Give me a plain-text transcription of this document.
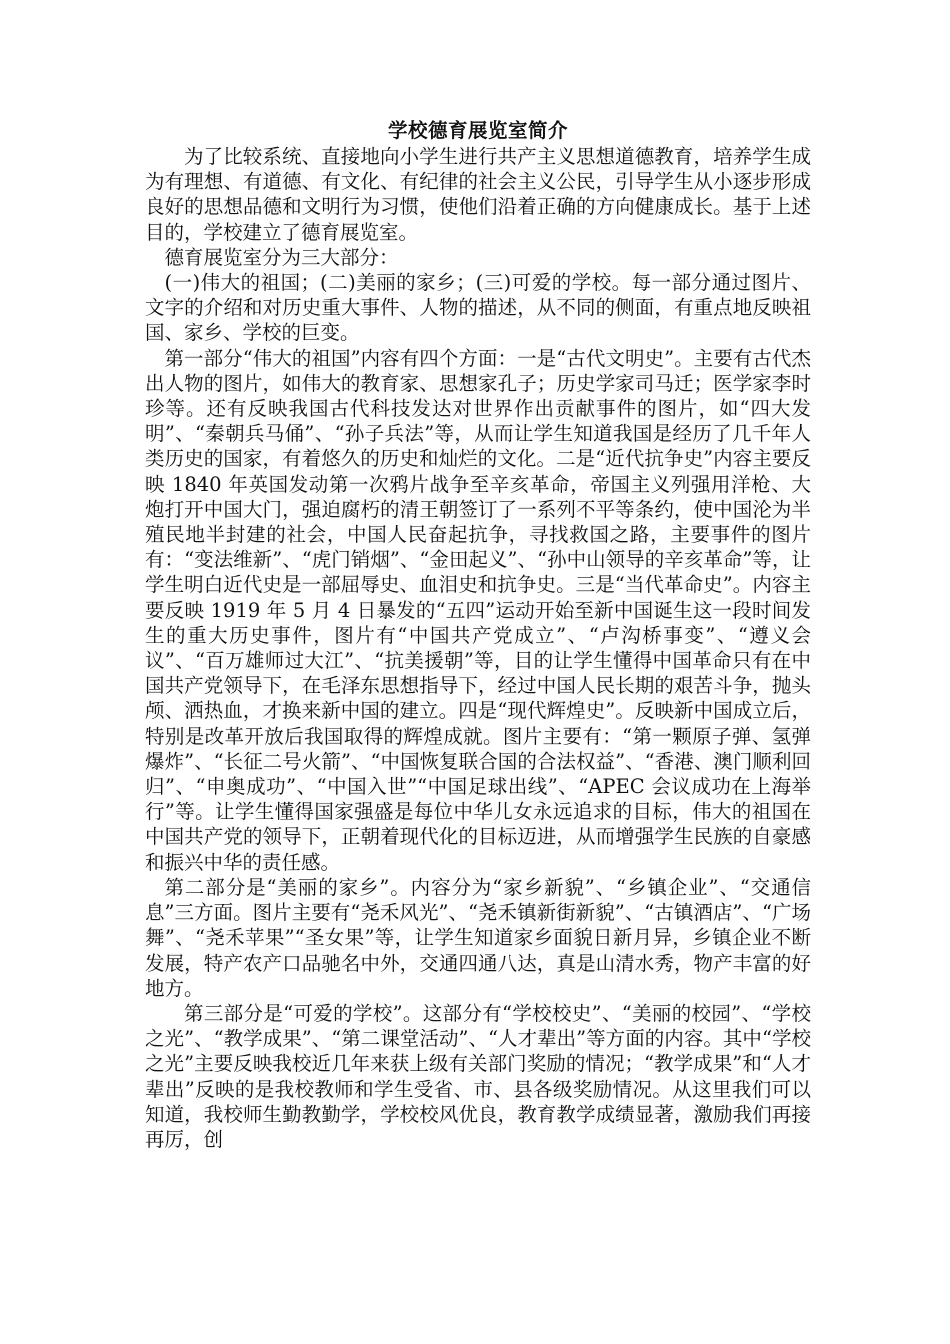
学校德育展览室简介

为了比较系统、直接地向小学生进行共产主义思想道德教育，培养学生成为有理想、有道德、有文化、有纪律的社会主义公民，引导学生从小逐步形成良好的思想品德和文明行为习惯，使他们沿着正确的方向健康成长。基于上述目的，学校建立了德育展览室。

德育展览室分为三大部分：

(一)伟大的祖国；(二)美丽的家乡；(三)可爱的学校。每一部分通过图片、文字的介绍和对历史重大事件、人物的描述，从不同的侧面，有重点地反映祖国、家乡、学校的巨变。

第一部分“伟大的祖国”内容有四个方面：一是“古代文明史”。主要有古代杰出人物的图片，如伟大的教育家、思想家孔子；历史学家司马迁；医学家李时珍等。还有反映我国古代科技发达对世界作出贡献事件的图片，如“四大发明”、“秦朝兵马俑”、“孙子兵法”等，从而让学生知道我国是经历了几千年人类历史的国家，有着悠久的历史和灿烂的文化。二是“近代抗争史”内容主要反映 1840 年英国发动第一次鸦片战争至辛亥革命，帝国主义列强用洋枪、大炮打开中国大门，强迫腐朽的清王朝签订了一系列不平等条约，使中国沦为半殖民地半封建的社会，中国人民奋起抗争，寻找救国之路，主要事件的图片有：“变法维新”、“虎门销烟”、“金田起义”、“孙中山领导的辛亥革命”等，让学生明白近代史是一部屈辱史、血泪史和抗争史。三是“当代革命史”。内容主要反映 1919 年 5 月 4 日暴发的“五四”运动开始至新中国诞生这一段时间发生的重大历史事件，图片有“中国共产党成立”、“卢沟桥事变”、“遵义会议”、“百万雄师过大江”、“抗美援朝”等，目的让学生懂得中国革命只有在中国共产党领导下，在毛泽东思想指导下，经过中国人民长期的艰苦斗争，抛头颅、洒热血，才换来新中国的建立。四是“现代辉煌史”。反映新中国成立后，特别是改革开放后我国取得的辉煌成就。图片主要有：“第一颗原子弹、氢弹爆炸”、“长征二号火箭”、“中国恢复联合国的合法权益”、“香港、澳门顺利回归”、“申奥成功”、“中国入世”“中国足球出线”、“APEC 会议成功在上海举行”等。让学生懂得国家强盛是每位中华儿女永远追求的目标，伟大的祖国在中国共产党的领导下，正朝着现代化的目标迈进，从而增强学生民族的自豪感和振兴中华的责任感。

第二部分是“美丽的家乡”。内容分为“家乡新貌”、“乡镇企业”、“交通信息”三方面。图片主要有“尧禾风光”、“尧禾镇新街新貌”、“古镇酒店”、“广场舞”、“尧禾苹果”“圣女果”等，让学生知道家乡面貌日新月异，乡镇企业不断发展，特产农产口品驰名中外，交通四通八达，真是山清水秀，物产丰富的好地方。

第三部分是“可爱的学校”。这部分有“学校校史”、“美丽的校园”、“学校之光”、“教学成果”、“第二课堂活动”、“人才辈出”等方面的内容。其中“学校之光”主要反映我校近几年来获上级有关部门奖励的情况；“教学成果”和“人才辈出”反映的是我校教师和学生受省、市、县各级奖励情况。从这里我们可以知道，我校师生勤教勤学，学校校风优良，教育教学成绩显著，激励我们再接再厉，创
